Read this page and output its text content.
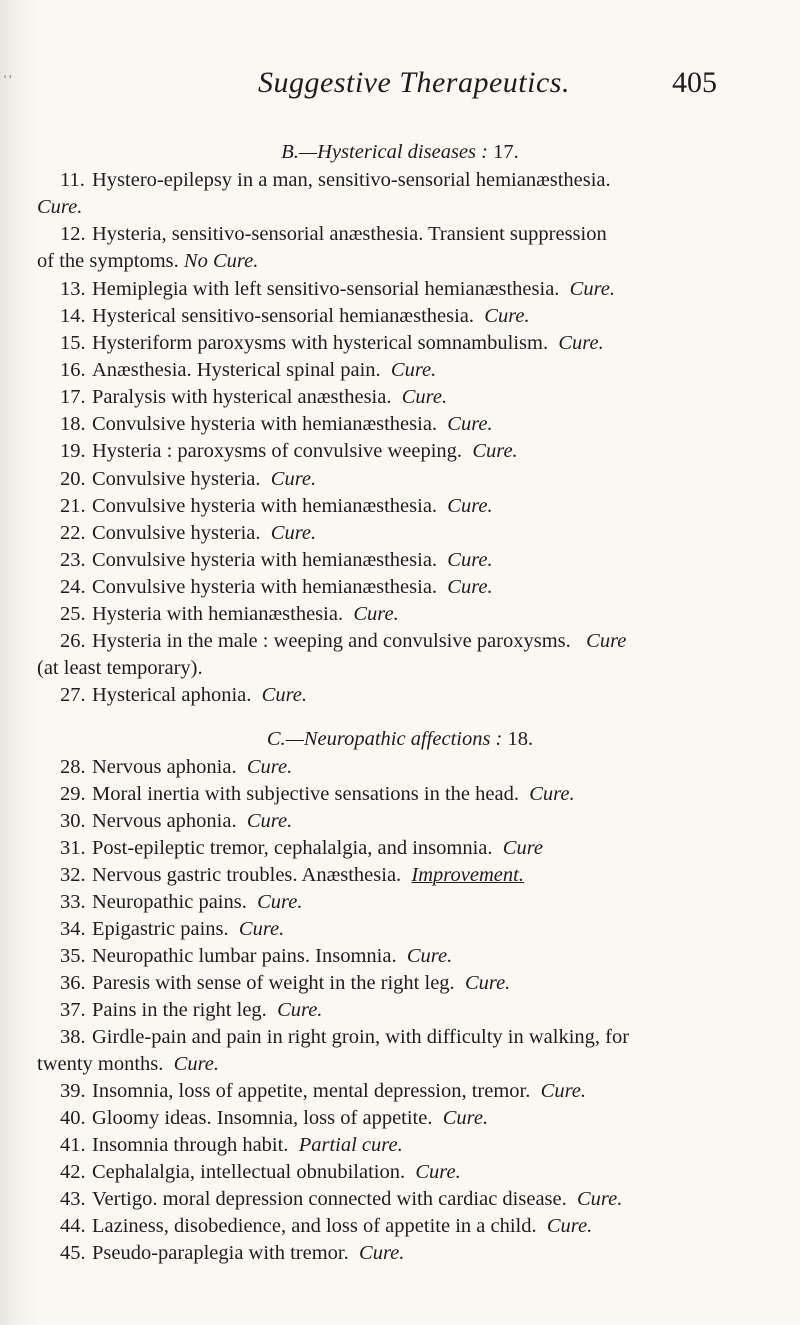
' '	Suggestive Therapeutics.	405
B.—Hysterical diseases : 17.
11. Hystero-epilepsy in a man, sensitivo-sensorial hemianæsthesia.
Cure.
12. Hysteria, sensitivo-sensorial anæsthesia. Transient suppression
of the symptoms. No Cure.
13. Hemiplegia with left sensitivo-sensorial hemianæsthesia. Cure.
14. Hysterical sensitivo-sensorial hemianæsthesia. Cure.
15. Hysteriform paroxysms with hysterical somnambulism. Cure.
16. Anæsthesia. Hysterical spinal pain. Cure.
17. Paralysis with hysterical anæsthesia. Cure.
18. Convulsive hysteria with hemianæsthesia. Cure.
19. Hysteria : paroxysms of convulsive weeping. Cure.
20. Convulsive hysteria. Cure.
21. Convulsive hysteria with hemianæsthesia. Cure.
22. Convulsive hysteria. Cure.
23. Convulsive hysteria with hemianæsthesia. Cure.
24. Convulsive hysteria with hemianæsthesia. Cure.
25. Hysteria with hemianæsthesia. Cure.
26. Hysteria in the male : weeping and convulsive paroxysms. Cure
(at least temporary).
27. Hysterical aphonia. Cure.
C.—Neuropathic affections : 18.
28. Nervous aphonia. Cure.
29. Moral inertia with subjective sensations in the head. Cure.
30. Nervous aphonia. Cure.
31. Post-epileptic tremor, cephalalgia, and insomnia. Cure
32. Nervous gastric troubles. Anæsthesia. Improvement.
33. Neuropathic pains. Cure.
34. Epigastric pains. Cure.
35. Neuropathic lumbar pains. Insomnia. Cure.
36. Paresis with sense of weight in the right leg. Cure.
37. Pains in the right leg. Cure.
38. Girdle-pain and pain in right groin, with difficulty in walking, for
twenty months. Cure.
39. Insomnia, loss of appetite, mental depression, tremor. Cure.
40. Gloomy ideas. Insomnia, loss of appetite. Cure.
41. Insomnia through habit. Partial cure.
42. Cephalalgia, intellectual obnubilation. Cure.
43. Vertigo. moral depression connected with cardiac disease. Cure.
44. Laziness, disobedience, and loss of appetite in a child. Cure.
45. Pseudo-paraplegia with tremor. Cure.
